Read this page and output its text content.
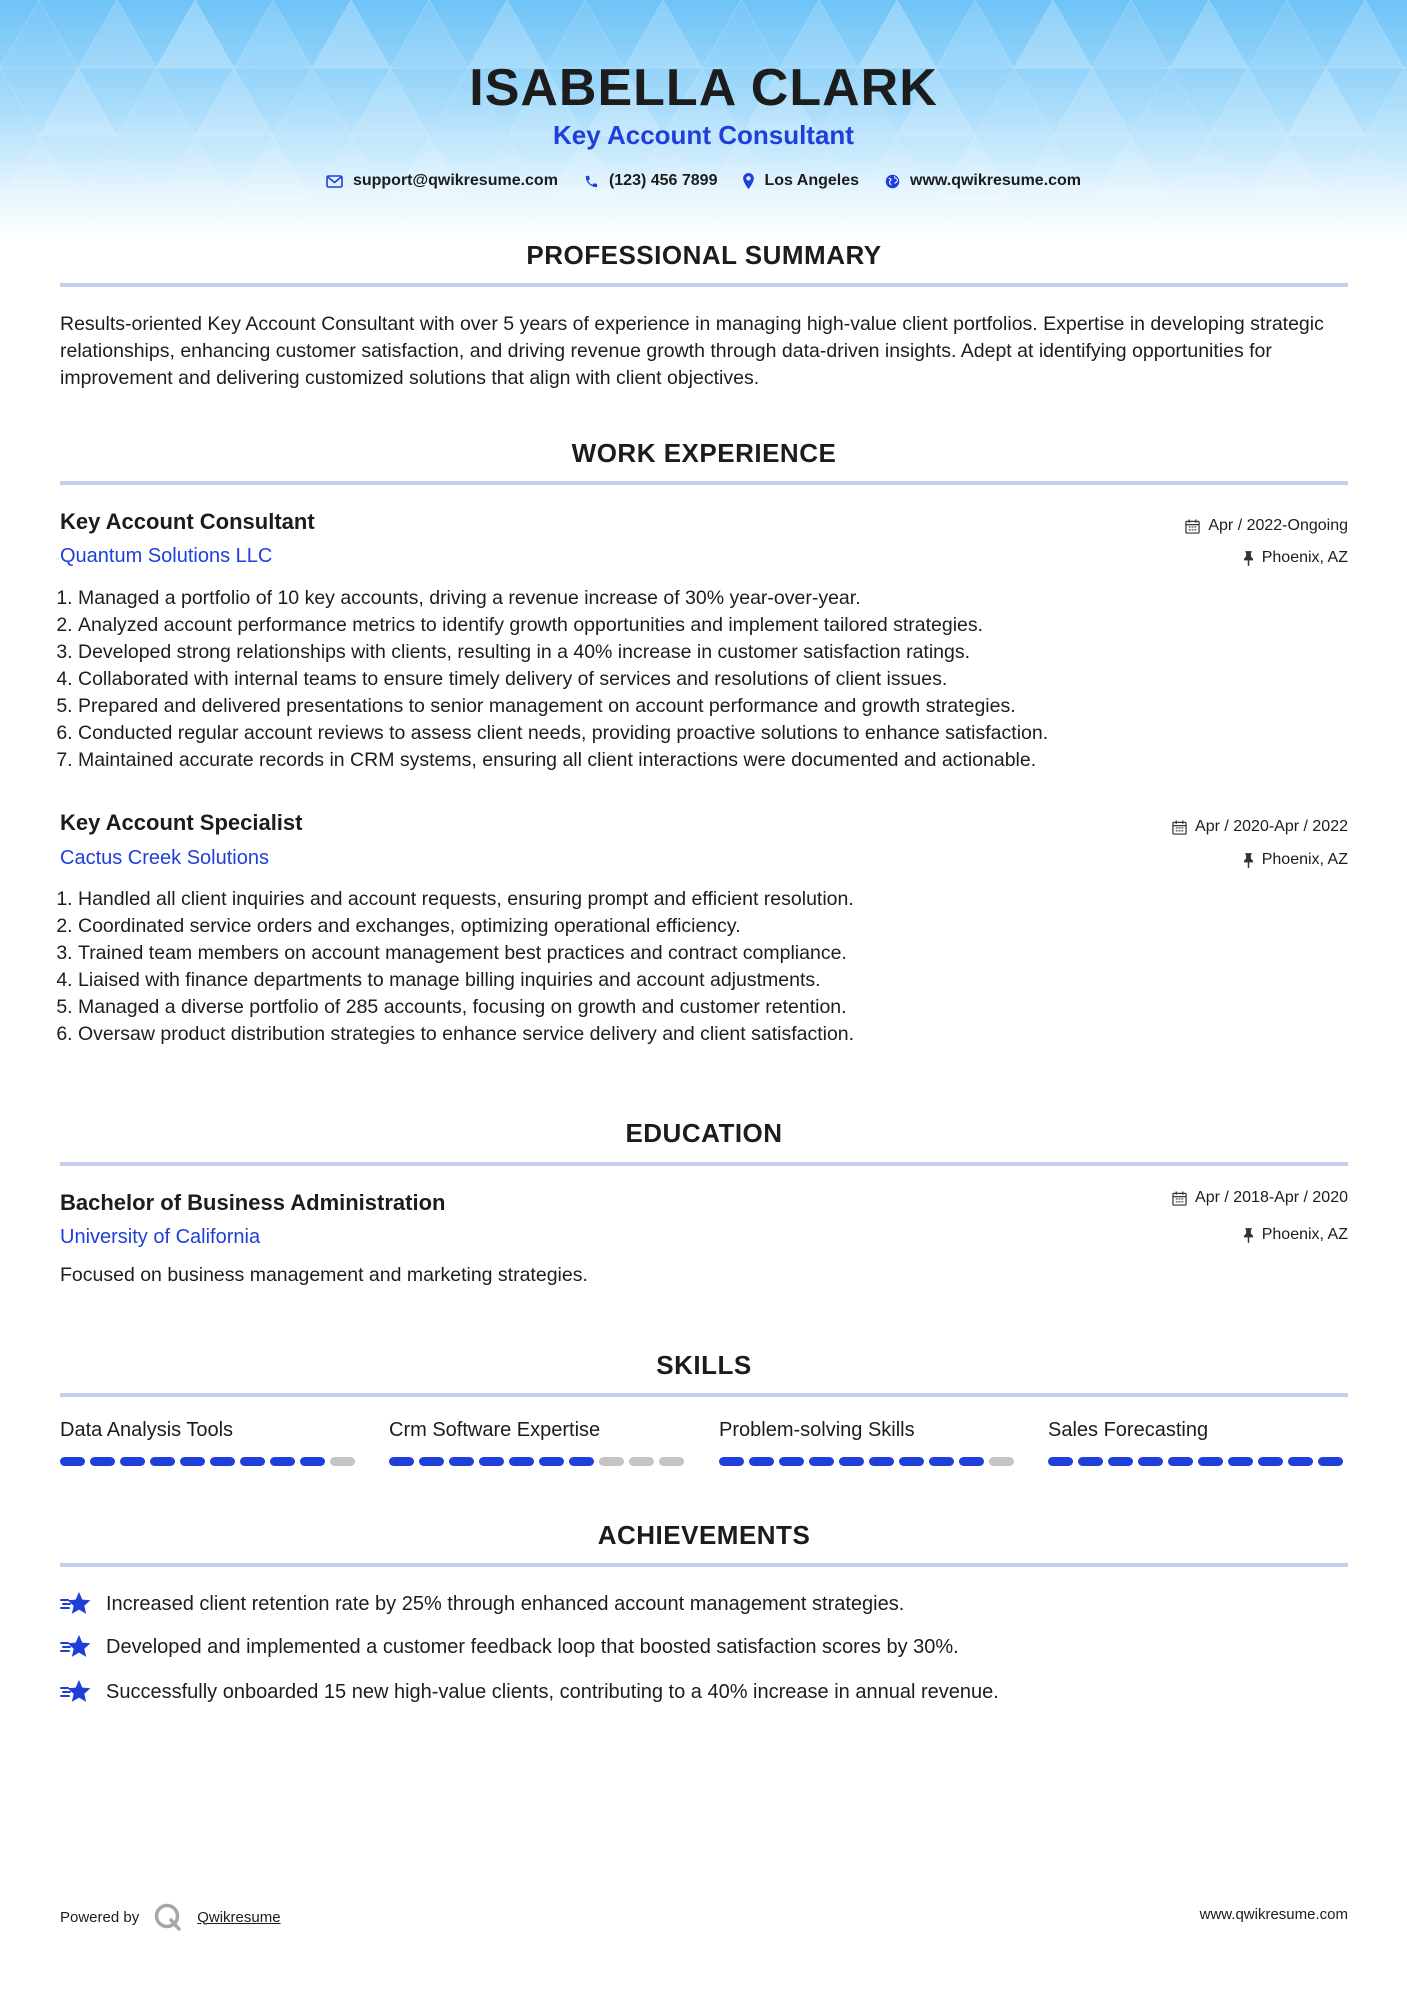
ISABELLA CLARK
Key Account Consultant
support@qwikresume.com	(123) 456 7899	Los Angeles	www.qwikresume.com
PROFESSIONAL SUMMARY
Results-oriented Key Account Consultant with over 5 years of experience in managing high-value client portfolios. Expertise in developing strategic relationships, enhancing customer satisfaction, and driving revenue growth through data-driven insights. Adept at identifying opportunities for improvement and delivering customized solutions that align with client objectives.
WORK EXPERIENCE
Key Account Consultant
Quantum Solutions LLC
Apr / 2022-Ongoing
Phoenix, AZ
1. Managed a portfolio of 10 key accounts, driving a revenue increase of 30% year-over-year.
2. Analyzed account performance metrics to identify growth opportunities and implement tailored strategies.
3. Developed strong relationships with clients, resulting in a 40% increase in customer satisfaction ratings.
4. Collaborated with internal teams to ensure timely delivery of services and resolutions of client issues.
5. Prepared and delivered presentations to senior management on account performance and growth strategies.
6. Conducted regular account reviews to assess client needs, providing proactive solutions to enhance satisfaction.
7. Maintained accurate records in CRM systems, ensuring all client interactions were documented and actionable.
Key Account Specialist
Cactus Creek Solutions
Apr / 2020-Apr / 2022
Phoenix, AZ
1. Handled all client inquiries and account requests, ensuring prompt and efficient resolution.
2. Coordinated service orders and exchanges, optimizing operational efficiency.
3. Trained team members on account management best practices and contract compliance.
4. Liaised with finance departments to manage billing inquiries and account adjustments.
5. Managed a diverse portfolio of 285 accounts, focusing on growth and customer retention.
6. Oversaw product distribution strategies to enhance service delivery and client satisfaction.
EDUCATION
Bachelor of Business Administration
University of California
Apr / 2018-Apr / 2020
Phoenix, AZ
Focused on business management and marketing strategies.
SKILLS
Data Analysis Tools	Crm Software Expertise	Problem-solving Skills	Sales Forecasting
ACHIEVEMENTS
Increased client retention rate by 25% through enhanced account management strategies.
Developed and implemented a customer feedback loop that boosted satisfaction scores by 30%.
Successfully onboarded 15 new high-value clients, contributing to a 40% increase in annual revenue.
Powered by	Qwikresume	www.qwikresume.com
